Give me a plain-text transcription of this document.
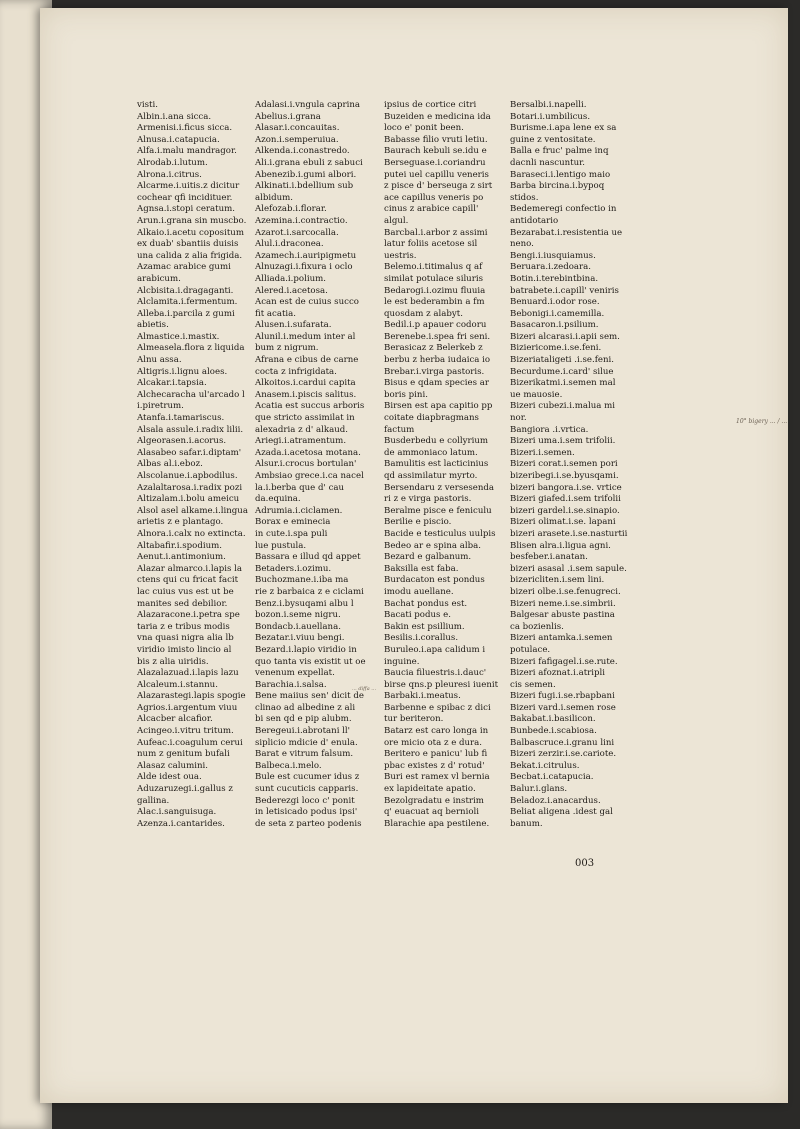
visti.
Albin.i.ana sicca.
Armenisi.i.ficus sicca.
Alnusa.i.catapucia.
Alfa.i.malu mandragor.
Alrodab.i.lutum.
Alrona.i.citrus.
Alcarme.i.uitis.z dicitur
cochear qfi incidituer.
Agnsa.i.stopi ceratum.
Arun.i.grana sin muscbo.
Alkaio.i.acetu copositum
ex duab' sbantiis duisis
una calida z alia frigida.
Azamac arabice gumi
arabicum.
Alcbisita.i.dragaganti.
Alclamita.i.fermentum.
Alleba.i.parcila z gumi
abietis.
Almastice.i.mastix.
Almeasela.flora z liquida
Alnu assa.
Altigris.i.lignu aloes.
Alcakar.i.tapsia.
Alchecaracha ul'arcado l
i.piretrum.
Atanfa.i.tamariscus.
Alsala assule.i.radix lilii.
Algeorasen.i.acorus.
Alasabeo safar.i.diptam'
Albas al.i.eboz.
Alscolanue.i.apbodilus.
Azalaltarosa.i.radix pozi
Altizalam.i.bolu ameicu
Alsol asel alkame.i.lingua
arietis z e plantago.
Alnora.i.calx no extincta.
Altabafir.i.spodium.
Aenut.i.antimonium.
Alazar almarco.i.lapis la
ctens qui cu fricat facit
lac cuius vus est ut be
manites sed debilior.
Alazaracone.i.petra spe
taria z e tribus modis
vna quasi nigra alia lb
viridio imisto lincio al
bis z alia uiridis.
Alazalazuad.i.lapis lazu
Alcaleum.i.stannu.
Alazarastegi.lapis spogie
Agrios.i.argentum viuu
Alcacber alcafior.
Acingeo.i.vitru tritum.
Aufeac.i.coagulum cerui
num z genitum bufali
Alasaz calumini.
Alde idest oua.
Aduzaruzegi.i.gallus z
gallina.
Alac.i.sanguisuga.
Azenza.i.cantarides.
Adalasi.i.vngula caprina
Abelius.i.grana
Alasar.i.concauitas.
Azon.i.semperuiua.
Alkenda.i.conastredo.
Ali.i.grana ebuli z sabuci
Abenezib.i.gumi albori.
Alkinati.i.bdellium sub
albidum.
Alefozab.i.florar.
Azemina.i.contractio.
Azarot.i.sarcocalla.
Alul.i.draconea.
Azamech.i.auripigmetu
Alnuzagi.i.fixura i oclo
Alliada.i.polium.
Alered.i.acetosa.
Acan est de cuius succo
fit acatia.
Alusen.i.sufarata.
Alunil.i.medum inter al
bum z nigrum.
Afrana e cibus de carne
cocta z infrigidata.
Alkoitos.i.cardui capita
Anasem.i.piscis salitus.
Acatia est succus arboris
que stricto assimilat in
alexadria z d' alkaud.
Ariegi.i.atramentum.
Azada.i.acetosa motana.
Alsur.i.crocus bortulan'
Ambsiao grece.i.ca nacel
la.i.berba que d' cau
da.equina.
Adrumia.i.ciclamen.
Borax e eminecia
in cute.i.spa puli
lue pustula.
Bassara e illud qd appet
Betaders.i.ozimu.
Buchozmane.i.iba ma
rie z barbaica z e ciclami
Benz.i.bysuqami albu l
bozon.i.seme nigru.
Bondacb.i.auellana.
Bezatar.i.viuu bengi.
Bezard.i.lapio viridio in
quo tanta vis existit ut oe
venenum expellat.
Barachia.i.salsa.
Bene maiius sen' dicit de
clinao ad albedine z ali
bi sen qd e pip alubm.
Beregeui.i.abrotani ll'
siplicio mdicie d' enula.
Barat e vitrum falsum.
Balbeca.i.melo.
Bule est cucumer idus z
sunt cucuticis capparis.
Bederezgi loco c' ponit
in letisicado podus ipsi'
de seta z parteo podenis
ipsius de cortice citri
Buzeiden e medicina ida
loco e' ponit been.
Babasse filio vruti letiu.
Baurach kebuli se.idu e
Berseguase.i.coriandru
putei uel capillu veneris
z pisce d' berseuga z sirt
ace capillus veneris po
cinus z arabice capill'
algul.
Barcbal.i.arbor z assimi
latur foliis acetose sil
uestris.
Belemo.i.titimalus q af
similat potulace siluris
Bedarogi.i.ozimu fluuia
le est bederambin a fm
quosdam z alabyt.
Bedil.i.p apauer codoru
Berenebe.i.spea fri seni.
Berasicaz z Belerkeb z
berbu z herba iudaica io
Brebar.i.virga pastoris.
Bisus e qdam species ar
boris pini.
Birsen est apa capitio pp
coitate diapbragmans
factum
Busderbedu e collyrium
de ammoniaco latum.
Bamulitis est lacticinius
qd assimilatur myrto.
Bersendaru z versesenda
ri z e virga pastoris.
Beralme pisce e feniculu
Berilie e piscio.
Bacide e testiculus uulpis
Bedeo ar e spina alba.
Bezard e galbanum.
Baksilla est faba.
Burdacaton est pondus
imodu auellane.
Bachat pondus est.
Bacati podus e.
Bakin est psillium.
Besilis.i.corallus.
Buruleo.i.apa calidum i
inguine.
Baucia filuestris.i.dauc'
birse qns.p pleuresi iuenit
Barbaki.i.meatus.
Barbenne e spibac z dici
tur beriteron.
Batarz est caro longa in
ore micio ota z e dura.
Beritero e panicu' lub fi
pbac existes z d' rotud'
Buri est ramex vl bernia
ex lapideitate apatio.
Bezolgradatu e instrim
q' euacuat aq bernioli
Blarachie apa pestilene.
Bersalbi.i.napelli.
Botari.i.umbilicus.
Burisme.i.apa lene ex sa
guine z ventositate.
Balla e fruc' palme inq
dacnli nascuntur.
Baraseci.i.lentigo maio
Barba bircina.i.bypoq
stidos.
Bedemeregi confectio in
antidotario
Bezarabat.i.resistentia ue
neno.
Bengi.i.iusquiamus.
Beruara.i.zedoara.
Botin.i.terebintbina.
batrabete.i.capill' veniris
Benuard.i.odor rose.
Bebonigi.i.camemilla.
Basacaron.i.psilium.
Bizeri alcarasi.i.apii sem.
Biziericome.i.se.feni.
Bizeriataligeti .i.se.feni.
Becurdume.i.card' silue
Bizerikatmi.i.semen mal
ue mauosie.
Bizeri cubezi.i.malua mi
nor.
Bangiora .i.vrtica.
Bizeri uma.i.sem trifolii.
Bizeri.i.semen.
Bizeri corat.i.semen pori
bizeribegi.i.se.byusqami.
bizeri bangora.i.se. vrtice
Bizeri giafed.i.sem trifolii
bizeri gardel.i.se.sinapio.
Bizeri olimat.i.se. lapani
bizeri arasete.i.se.nasturtii
Blisen alra.i.ligua agni.
besfeber.i.anatan.
bizeri asasal .i.sem sapule.
bizericliten.i.sem lini.
bizeri olbe.i.se.fenugreci.
Bizeri neme.i.se.simbrii.
Balgesar abuste pastina
ca bozienlis.
Bizeri antamka.i.semen
potulace.
Bizeri fafigagel.i.se.rute.
Bizeri afoznat.i.atripli
cis semen.
Bizeri fugi.i.se.rbapbani
Bizeri vard.i.semen rose
Bakabat.i.basilicon.
Bunbede.i.scabiosa.
Balbascruce.i.granu lini
Bizeri zerzir.i.se.cariote.
Bekat.i.citrulus.
Becbat.i.catapucia.
Balur.i.glans.
Beladoz.i.anacardus.
Beliat aligena .idest gal
banum.
003
10° bigery ... / ...
... diffa ...
